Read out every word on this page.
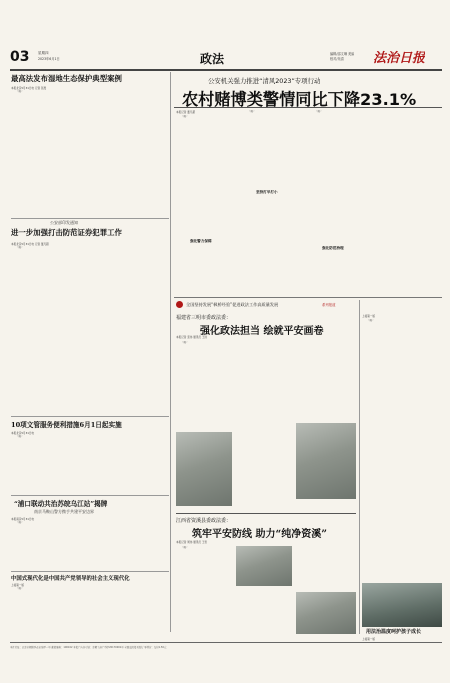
03 星期四
2023年6月1日	政法	编辑/邵文琳 美编
校对/吴清 法治日报
最高法发布湿地生态保护典型案例
本报北京5月31日电 记者 张晨

（略）

公安部印发通知
进一步加强打击防范证券犯罪工作
本报北京5月31日电 记者 董凡超

（略）

10项文管服务便利措施6月1日起实施
本报北京5月31日电

（略）

“浦口联动共治苏皖乌江站”揭牌
南京马鞍山警方携手共建平安边界
本报南京5月31日电

（略）

中国式现代化是中国共产党领导的社会主义现代化
上接第一版

（略）

公安机关强力推进“清风2023”专项行动
农村赌博类警情同比下降23.1%
本报记者 董凡超

（略）

强化警力保障

（略）

坚持打早打小

（略）

强化防范治理
全国坚持发展“枫桥经验”促进政法工作高质量发展	系列报道
福建省三明市委政法委：
强化政法担当 绘就平安画卷
本报记者 张伟 通讯员 王进

（略）

江西省资溪县委政法委：
筑牢平安防线 助力“纯净资溪”
本报记者 周伟 通讯员 王雯

（略）

上接第一版

（略）

用法治温度呵护孩子成长
上接第一版
本社社址：北京市朝阳区花家地甲一号 邮政编码：100102 本报广告许可证：京朝工商广登字20170001号 全国法院报刊发行 零售价：每份1.50元
